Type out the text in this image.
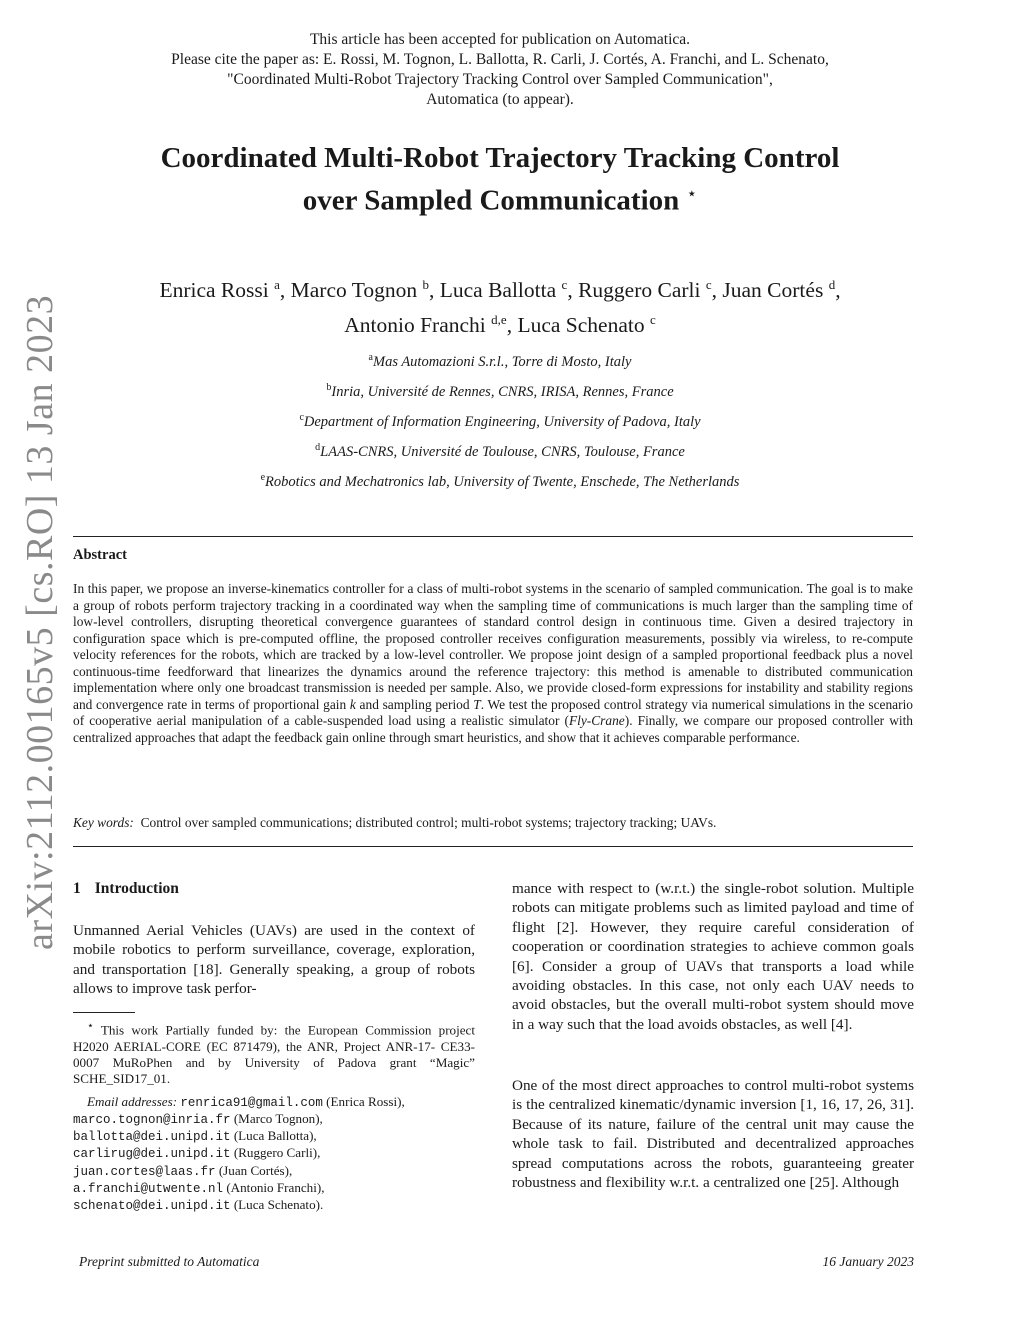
arXiv:2112.00165v5 [cs.RO] 13 Jan 2023
This article has been accepted for publication on Automatica.
Please cite the paper as: E. Rossi, M. Tognon, L. Ballotta, R. Carli, J. Cortés, A. Franchi, and L. Schenato,
"Coordinated Multi-Robot Trajectory Tracking Control over Sampled Communication",
Automatica (to appear).
Coordinated Multi-Robot Trajectory Tracking Control
over Sampled Communication ⋆
Enrica Rossi $^a$, Marco Tognon $^b$, Luca Ballotta $^c$, Ruggero Carli $^c$, Juan Cortés $^d$,
Antonio Franchi $^{d,e}$, Luca Schenato $^c$
$^a$Mas Automazioni S.r.l., Torre di Mosto, Italy
$^b$Inria, Université de Rennes, CNRS, IRISA, Rennes, France
$^c$Department of Information Engineering, University of Padova, Italy
$^d$LAAS-CNRS, Université de Toulouse, CNRS, Toulouse, France
$^e$Robotics and Mechatronics lab, University of Twente, Enschede, The Netherlands
Abstract

In this paper, we propose an inverse-kinematics controller for a class of multi-robot systems in the scenario of sampled communication. The goal is to make a group of robots perform trajectory tracking in a coordinated way when the sampling time of communications is much larger than the sampling time of low-level controllers, disrupting theoretical convergence guarantees of standard control design in continuous time. Given a desired trajectory in configuration space which is pre-computed offline, the proposed controller receives configuration measurements, possibly via wireless, to re-compute velocity references for the robots, which are tracked by a low-level controller. We propose joint design of a sampled proportional feedback plus a novel continuous-time feedforward that linearizes the dynamics around the reference trajectory: this method is amenable to distributed communication implementation where only one broadcast transmission is needed per sample. Also, we provide closed-form expressions for instability and stability regions and convergence rate in terms of proportional gain k and sampling period T. We test the proposed control strategy via numerical simulations in the scenario of cooperative aerial manipulation of a cable-suspended load using a realistic simulator (Fly-Crane). Finally, we compare our proposed controller with centralized approaches that adapt the feedback gain online through smart heuristics, and show that it achieves comparable performance.

Key words: Control over sampled communications; distributed control; multi-robot systems; trajectory tracking; UAVs.
1 Introduction

Unmanned Aerial Vehicles (UAVs) are used in the context of mobile robotics to perform surveillance, coverage, exploration, and transportation [18]. Generally speaking, a group of robots allows to improve task perfor-

⋆ This work Partially funded by: the European Commission project H2020 AERIAL-CORE (EC 871479), the ANR, Project ANR-17- CE33-0007 MuRoPhen and by University of Padova grant “Magic” SCHE_SID17_01.

Email addresses: renrica91@gmail.com (Enrica Rossi),

marco.tognon@inria.fr (Marco Tognon),

ballotta@dei.unipd.it (Luca Ballotta),

carlirug@dei.unipd.it (Ruggero Carli),

juan.cortes@laas.fr (Juan Cortés),

a.franchi@utwente.nl (Antonio Franchi),

schenato@dei.unipd.it (Luca Schenato).

mance with respect to (w.r.t.) the single-robot solution. Multiple robots can mitigate problems such as limited payload and time of flight [2]. However, they require careful consideration of cooperation or coordination strategies to achieve common goals [6]. Consider a group of UAVs that transports a load while avoiding obstacles. In this case, not only each UAV needs to avoid obstacles, but the overall multi-robot system should move in a way such that the load avoids obstacles, as well [4].

One of the most direct approaches to control multi-robot systems is the centralized kinematic/dynamic inversion [1, 16, 17, 26, 31]. Because of its nature, failure of the central unit may cause the whole task to fail. Distributed and decentralized approaches spread computations across the robots, guaranteeing greater robustness and flexibility w.r.t. a centralized one [25]. Although

Preprint submitted to Automatica	16 January 2023
